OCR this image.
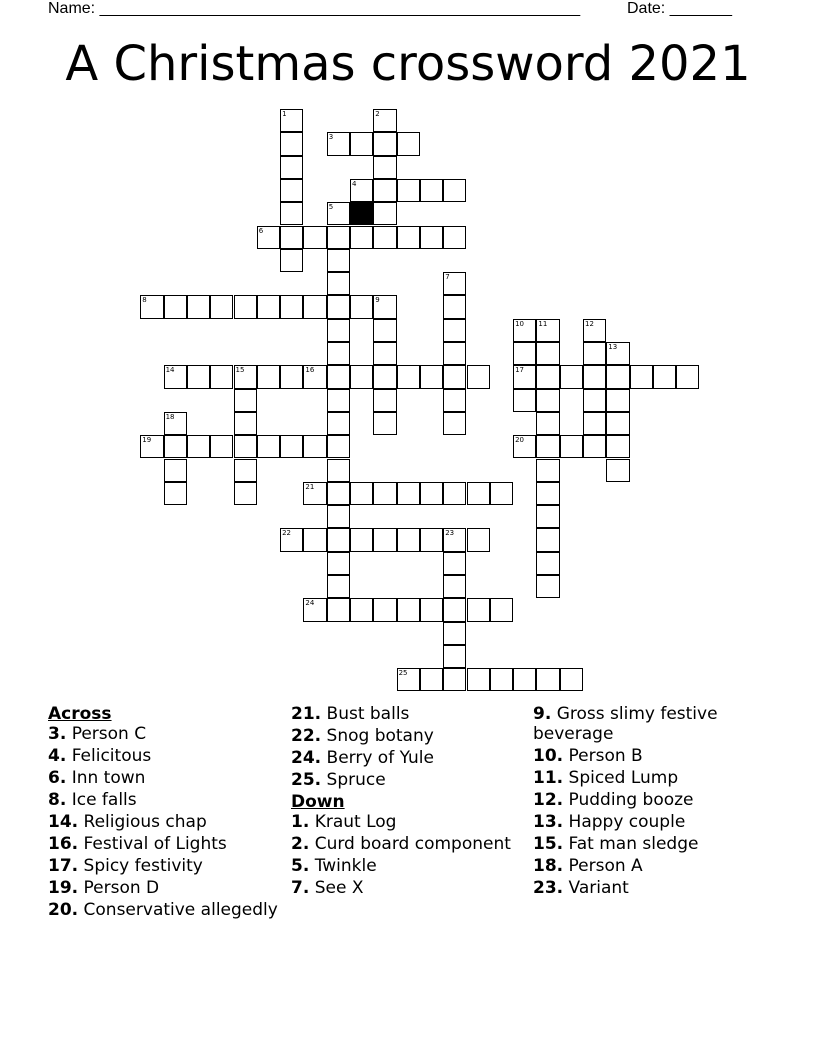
Name: ______________________________________________________	Date: _______
A Christmas crossword 2021
1	2
3
4
5
6
7
8	9
10
17
11	12
13
14	15	16
18
19	20
21
22	23
24
25
Across
3. Person C
4. Felicitous
6. Inn town
8. Ice falls
14. Religious chap
16. Festival of Lights
17. Spicy festivity
19. Person D
20. Conservative allegedly
21. Bust balls
22. Snog botany
24. Berry of Yule
25. Spruce
Down
1. Kraut Log
2. Curd board component
5. Twinkle
7. See X
9. Gross slimy festive beverage
10. Person B
11. Spiced Lump
12. Pudding booze
13. Happy couple
15. Fat man sledge
18. Person A
23. Variant
